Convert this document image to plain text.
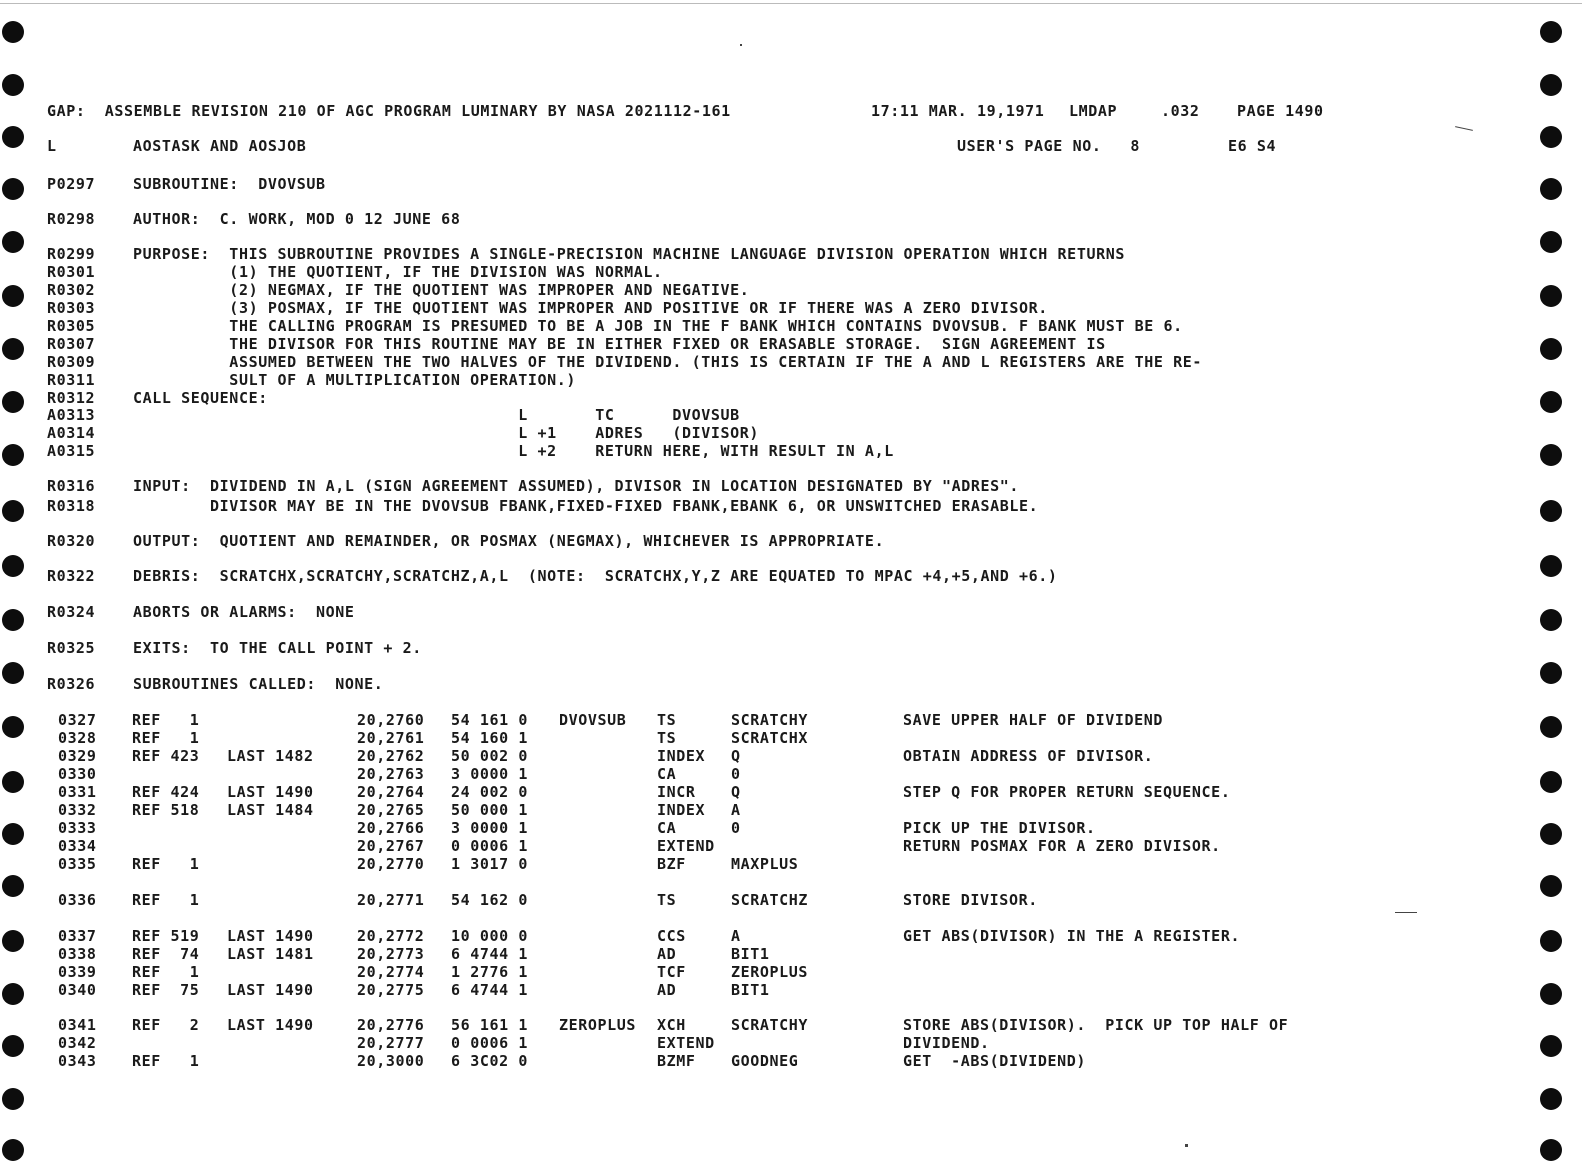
GAP:  ASSEMBLE REVISION 210 OF AGC PROGRAM LUMINARY BY NASA 2021112-161	17:11 MAR. 19,1971 LMDAP	.032 PAGE 1490
L	AOSTASK AND AOSJOB	USER'S PAGE NO.   8	E6 S4
P0297	SUBROUTINE:  DVOVSUB
R0298	AUTHOR:  C. WORK, MOD 0 12 JUNE 68
R0299	PURPOSE:  THIS SUBROUTINE PROVIDES A SINGLE-PRECISION MACHINE LANGUAGE DIVISION OPERATION WHICH RETURNS
R0301	(1) THE QUOTIENT, IF THE DIVISION WAS NORMAL.
R0302	(2) NEGMAX, IF THE QUOTIENT WAS IMPROPER AND NEGATIVE.
R0303	(3) POSMAX, IF THE QUOTIENT WAS IMPROPER AND POSITIVE OR IF THERE WAS A ZERO DIVISOR.
R0305	THE CALLING PROGRAM IS PRESUMED TO BE A JOB IN THE F BANK WHICH CONTAINS DVOVSUB. F BANK MUST BE 6.
R0307	THE DIVISOR FOR THIS ROUTINE MAY BE IN EITHER FIXED OR ERASABLE STORAGE.  SIGN AGREEMENT IS
R0309	ASSUMED BETWEEN THE TWO HALVES OF THE DIVIDEND. (THIS IS CERTAIN IF THE A AND L REGISTERS ARE THE RE-
R0311	SULT OF A MULTIPLICATION OPERATION.)
R0312	CALL SEQUENCE:
A0313	L       TC      DVOVSUB
A0314	L +1    ADRES   (DIVISOR)
A0315	L +2    RETURN HERE, WITH RESULT IN A,L
R0316	INPUT:  DIVIDEND IN A,L (SIGN AGREEMENT ASSUMED), DIVISOR IN LOCATION DESIGNATED BY "ADRES".
R0318	DIVISOR MAY BE IN THE DVOVSUB FBANK,FIXED-FIXED FBANK,EBANK 6, OR UNSWITCHED ERASABLE.
R0320	OUTPUT:  QUOTIENT AND REMAINDER, OR POSMAX (NEGMAX), WHICHEVER IS APPROPRIATE.
R0322	DEBRIS:  SCRATCHX,SCRATCHY,SCRATCHZ,A,L  (NOTE:  SCRATCHX,Y,Z ARE EQUATED TO MPAC +4,+5,AND +6.)
R0324	ABORTS OR ALARMS:  NONE
R0325	EXITS:  TO THE CALL POINT + 2.
R0326	SUBROUTINES CALLED:  NONE.
0327 REF   1	20,2760 54 161 0 DVOVSUB TS	SCRATCHY	SAVE UPPER HALF OF DIVIDEND
0328 REF   1	20,2761 54 160 1	TS	SCRATCHX
0329 REF 423 LAST 1482	20,2762 50 002 0	INDEX Q	OBTAIN ADDRESS OF DIVISOR.
0330	20,2763 3 0000 1	CA	0
0331 REF 424 LAST 1490	20,2764 24 002 0	INCR Q	STEP Q FOR PROPER RETURN SEQUENCE.
0332 REF 518 LAST 1484	20,2765 50 000 1	INDEX A
0333	20,2766 3 0000 1	CA	0	PICK UP THE DIVISOR.
0334	20,2767 0 0006 1	EXTEND	RETURN POSMAX FOR A ZERO DIVISOR.
0335 REF   1	20,2770 1 3017 0	BZF	MAXPLUS
0336 REF   1	20,2771 54 162 0	TS	SCRATCHZ	STORE DIVISOR.
0337 REF 519 LAST 1490	20,2772 10 000 0	CCS	A	GET ABS(DIVISOR) IN THE A REGISTER.
0338 REF  74 LAST 1481	20,2773 6 4744 1	AD	BIT1
0339 REF   1	20,2774 1 2776 1	TCF	ZEROPLUS
0340 REF  75 LAST 1490	20,2775 6 4744 1	AD	BIT1
0341 REF   2 LAST 1490	20,2776 56 161 1 ZEROPLUS XCH	SCRATCHY	STORE ABS(DIVISOR).  PICK UP TOP HALF OF
0342	20,2777 0 0006 1	EXTEND	DIVIDEND.
0343 REF   1	20,3000 6 3C02 0	BZMF GOODNEG	GET  -ABS(DIVIDEND)
